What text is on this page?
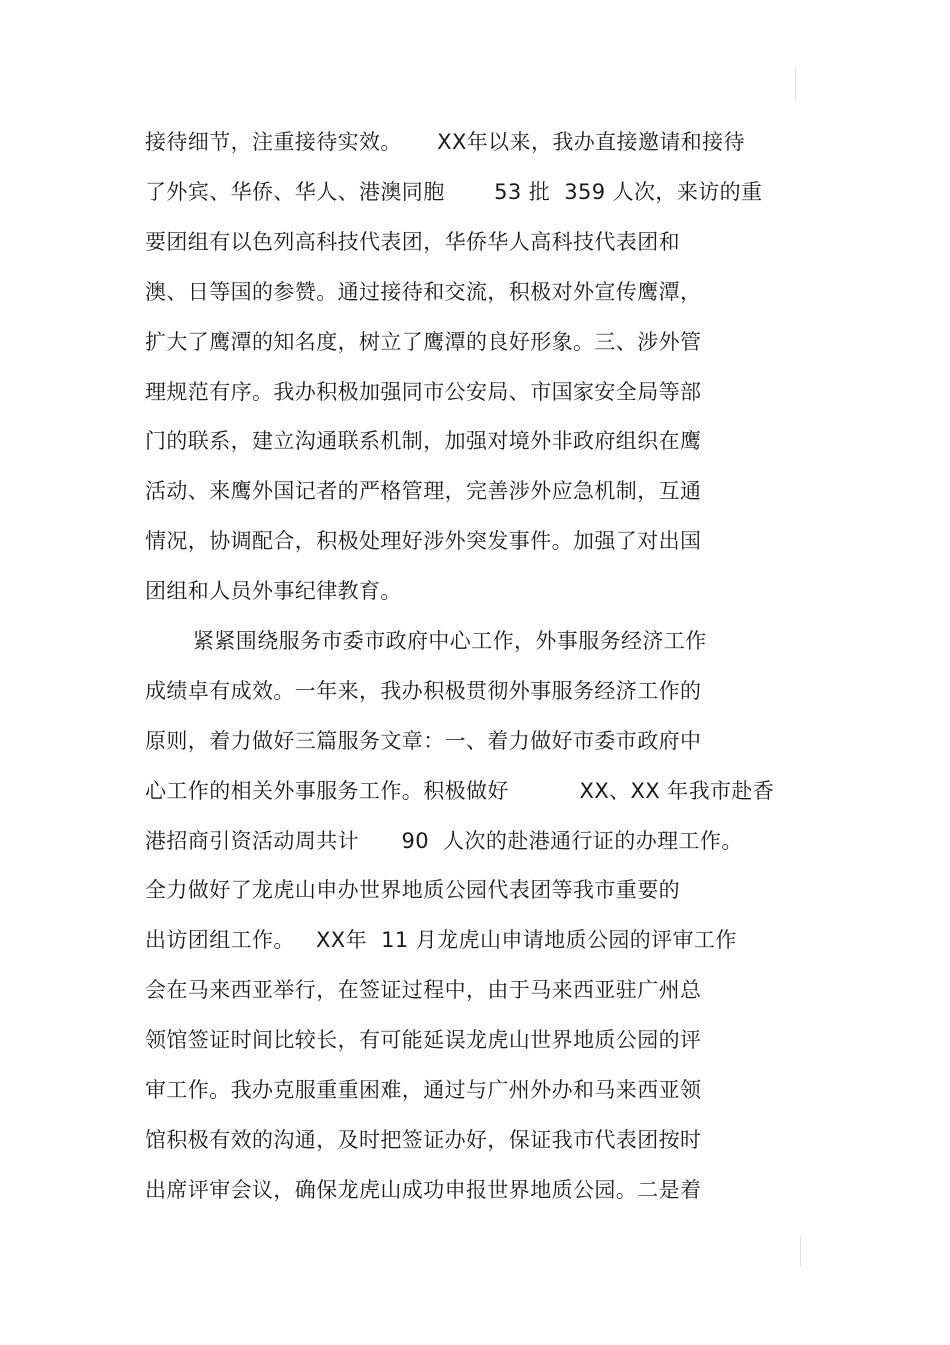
接待细节，注重接待实效。     XX年以来，我办直接邀请和接待

了外宾、华侨、华人、港澳同胞       53 批  359 人次，来访的重

要团组有以色列高科技代表团，华侨华人高科技代表团和

澳、日等国的参赞。通过接待和交流，积极对外宣传鹰潭，

扩大了鹰潭的知名度，树立了鹰潭的良好形象。三、涉外管

理规范有序。我办积极加强同市公安局、市国家安全局等部

门的联系，建立沟通联系机制，加强对境外非政府组织在鹰

活动、来鹰外国记者的严格管理，完善涉外应急机制，互通

情况，协调配合，积极处理好涉外突发事件。加强了对出国

团组和人员外事纪律教育。

紧紧围绕服务市委市政府中心工作，外事服务经济工作

成绩卓有成效。一年来，我办积极贯彻外事服务经济工作的

原则，着力做好三篇服务文章：一、着力做好市委市政府中

心工作的相关外事服务工作。积极做好          XX、XX 年我市赴香

港招商引资活动周共计      90  人次的赴港通行证的办理工作。

全力做好了龙虎山申办世界地质公园代表团等我市重要的

出访团组工作。   XX年  11 月龙虎山申请地质公园的评审工作

会在马来西亚举行，在签证过程中，由于马来西亚驻广州总

领馆签证时间比较长，有可能延误龙虎山世界地质公园的评

审工作。我办克服重重困难，通过与广州外办和马来西亚领

馆积极有效的沟通，及时把签证办好，保证我市代表团按时

出席评审会议，确保龙虎山成功申报世界地质公园。二是着
